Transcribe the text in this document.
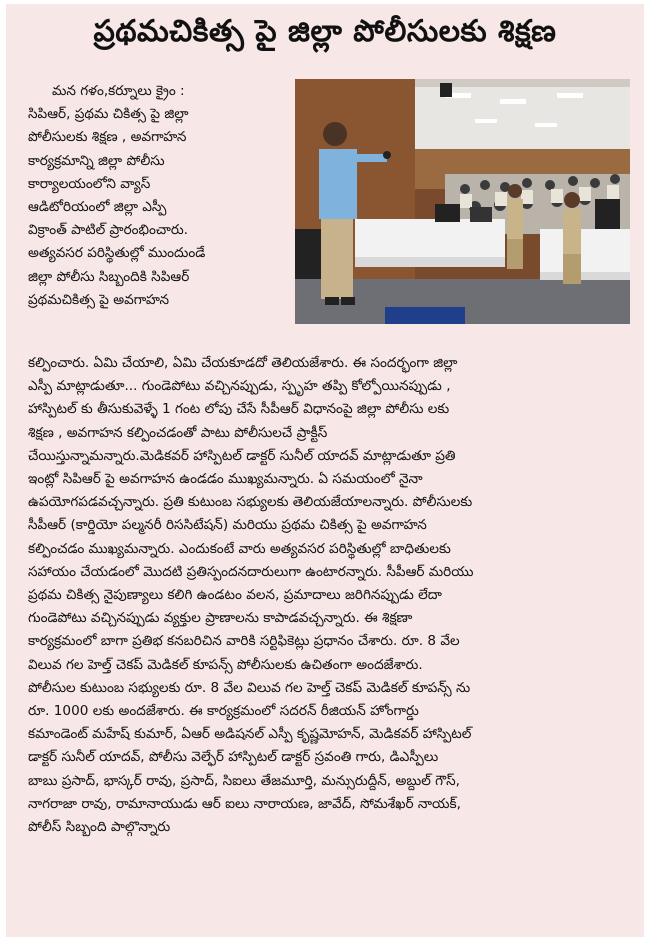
ప్రథమచికిత్స పై జిల్లా పోలీసులకు శిక్షణ

మన గళం,కర్నూలు క్రైం :

సిపిఆర్, ప్రథమ చికిత్స పై జిల్లా

పోలీసులకు శిక్షణ , అవగాహన

కార్యక్రమాన్ని జిల్లా పోలీసు

కార్యాలయంలోని వ్యాస్

ఆడిటోరియంలో జిల్లా ఎస్పీ

విక్రాంత్ పాటిల్ ప్రారంభించారు.

అత్యవసర పరిస్థితుల్లో ముందుండే

జిల్లా పోలీసు సిబ్బందికి సిపిఆర్

ప్రథమచికిత్స పై అవగాహన

కల్పించారు. ఏమి చేయాలి, ఏమి చేయకూడదో తెలియజేశారు. ఈ సందర్భంగా జిల్లా

ఎస్పీ మాట్లాడుతూ... గుండెపోటు వచ్చినప్పుడు, స్పృహ తప్పి కోల్పోయినప్పుడు ,

హాస్పిటల్ కు తీసుకువెళ్ళే 1 గంట లోపు చేసే సీపీఆర్ విధానంపై జిల్లా పోలీసు లకు

శిక్షణ , అవగాహన కల్పించడంతో పాటు పోలీసులచే ప్రాక్టీస్

చేయిస్తున్నామన్నారు.మెడికవర్ హాస్పిటల్ డాక్టర్ సునీల్ యాదవ్ మాట్లాడుతూ ప్రతి

ఇంట్లో సిపిఆర్ పై అవగాహన ఉండడం ముఖ్యమన్నారు. ఏ సమయంలో నైనా

ఉపయోగపడవచ్చన్నారు. ప్రతి కుటుంబ సభ్యులకు తెలియజేయాలన్నారు. పోలీసులకు

సీపీఆర్ (కార్డియో పల్మనరీ రిససిటేషన్) మరియు ప్రథమ చికిత్స పై అవగాహన

కల్పించడం ముఖ్యమన్నారు. ఎందుకంటే వారు అత్యవసర పరిస్థితుల్లో బాధితులకు

సహాయం చేయడంలో మొదటి ప్రతిస్పందనదారులుగా ఉంటారన్నారు. సీపీఆర్ మరియు

ప్రథమ చికిత్స నైపుణ్యాలు కలిగి ఉండటం వలన, ప్రమాదాలు జరిగినప్పుడు లేదా

గుండెపోటు వచ్చినప్పుడు వ్యక్తుల ప్రాణాలను కాపాడవచ్చన్నారు. ఈ శిక్షణా

కార్యక్రమంలో బాగా ప్రతిభ కనబరిచిన వారికి సర్టిఫికెట్లు ప్రధానం చేశారు. రూ. 8 వేల

విలువ గల హెల్త్ చెకప్ మెడికల్ కూపన్స్ పోలీసులకు ఉచితంగా అందజేశారు.

పోలీసుల కుటుంబ సభ్యులకు రూ. 8 వేల విలువ గల హెల్త్ చెకప్ మెడికల్ కూపన్స్ ను

రూ. 1000 లకు అందజేశారు. ఈ కార్యక్రమంలో సదరన్ రీజియన్ హోంగార్డు

కమాండెంట్ మహేష్ కుమార్, ఏఆర్ అడిషనల్ ఎస్పీ కృష్ణమోహన్, మెడికవర్ హాస్పిటల్

డాక్టర్ సునీల్ యాదవ్, పోలీసు వెల్ఫేర్ హాస్పిటల్ డాక్టర్ స్రవంతి గారు, డిఎస్పీలు

బాబు ప్రసాద్, భాస్కర్ రావు, ప్రసాద్, సిఐలు తేజమూర్తి, మన్సురుద్దీన్, అబ్దుల్ గౌస్,

నాగరాజా రావు, రామానాయుడు ఆర్ ఐలు నారాయణ, జావేద్, సోమశేఖర్ నాయక్,

పోలీస్ సిబ్బంది పాల్గొన్నారు
